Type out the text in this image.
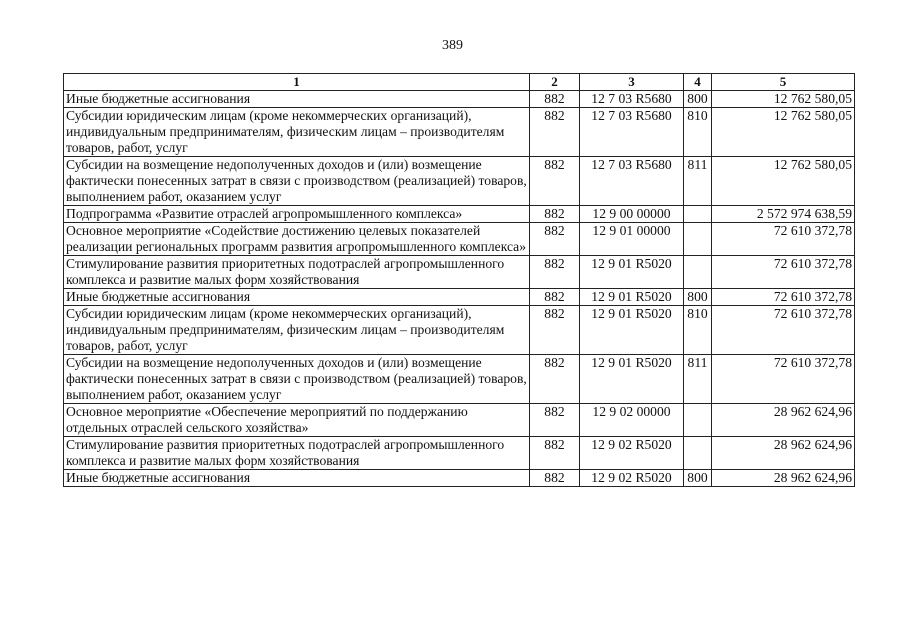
389
1	2	3	4	5
Иные бюджетные ассигнования	882	12 7 03 R5680	800	12 762 580,05
Субсидии юридическим лицам (кроме некоммерческих организаций), индивидуальным предпринимателям, физическим лицам – производителям товаров, работ, услуг	882	12 7 03 R5680	810	12 762 580,05
Субсидии на возмещение недополученных доходов и (или) возмещение фактически понесенных затрат в связи с производством (реализацией) товаров, выполнением работ, оказанием услуг	882	12 7 03 R5680	811	12 762 580,05
Подпрограмма «Развитие отраслей агропромышленного комплекса»	882	12 9 00 00000		2 572 974 638,59
Основное мероприятие «Содействие достижению целевых показателей реализации региональных программ развития агропромышленного комплекса»	882	12 9 01 00000		72 610 372,78
Стимулирование развития приоритетных подотраслей агропромышленного комплекса и развитие малых форм хозяйствования	882	12 9 01 R5020		72 610 372,78
Иные бюджетные ассигнования	882	12 9 01 R5020	800	72 610 372,78
Субсидии юридическим лицам (кроме некоммерческих организаций), индивидуальным предпринимателям, физическим лицам – производителям товаров, работ, услуг	882	12 9 01 R5020	810	72 610 372,78
Субсидии на возмещение недополученных доходов и (или) возмещение фактически понесенных затрат в связи с производством (реализацией) товаров, выполнением работ, оказанием услуг	882	12 9 01 R5020	811	72 610 372,78
Основное мероприятие «Обеспечение мероприятий по поддержанию отдельных отраслей сельского хозяйства»	882	12 9 02 00000		28 962 624,96
Стимулирование развития приоритетных подотраслей агропромышленного комплекса и развитие малых форм хозяйствования	882	12 9 02 R5020		28 962 624,96
Иные бюджетные ассигнования	882	12 9 02 R5020	800	28 962 624,96
